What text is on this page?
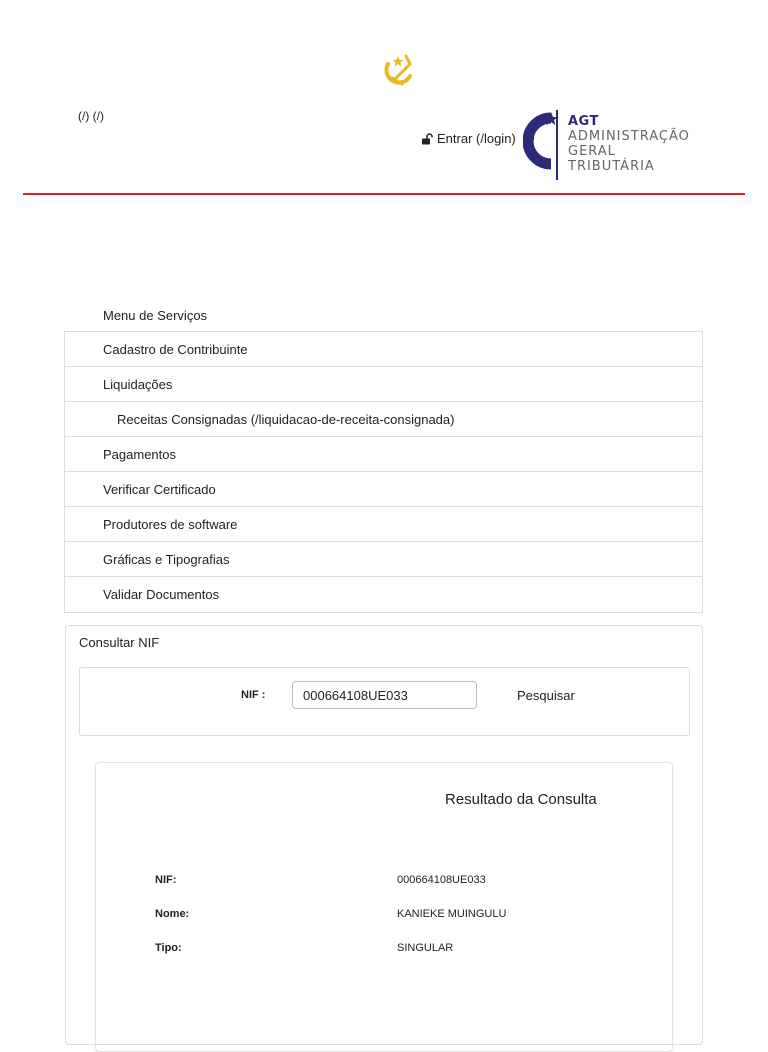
(/) (/)
Entrar (/login)
AGT
ADMINISTRAÇÃO
GERAL
TRIBUTÁRIA
Menu de Serviços
Cadastro de Contribuinte
Liquidações
Receitas Consignadas (/liquidacao-de-receita-consignada)
Pagamentos
Verificar Certificado
Produtores de software
Gráficas e Tipografias
Validar Documentos
Consultar NIF
NIF :
000664108UE033	Pesquisar
Resultado da Consulta
NIF:	000664108UE033
Nome:	KANIEKE MUINGULU
Tipo:	SINGULAR
